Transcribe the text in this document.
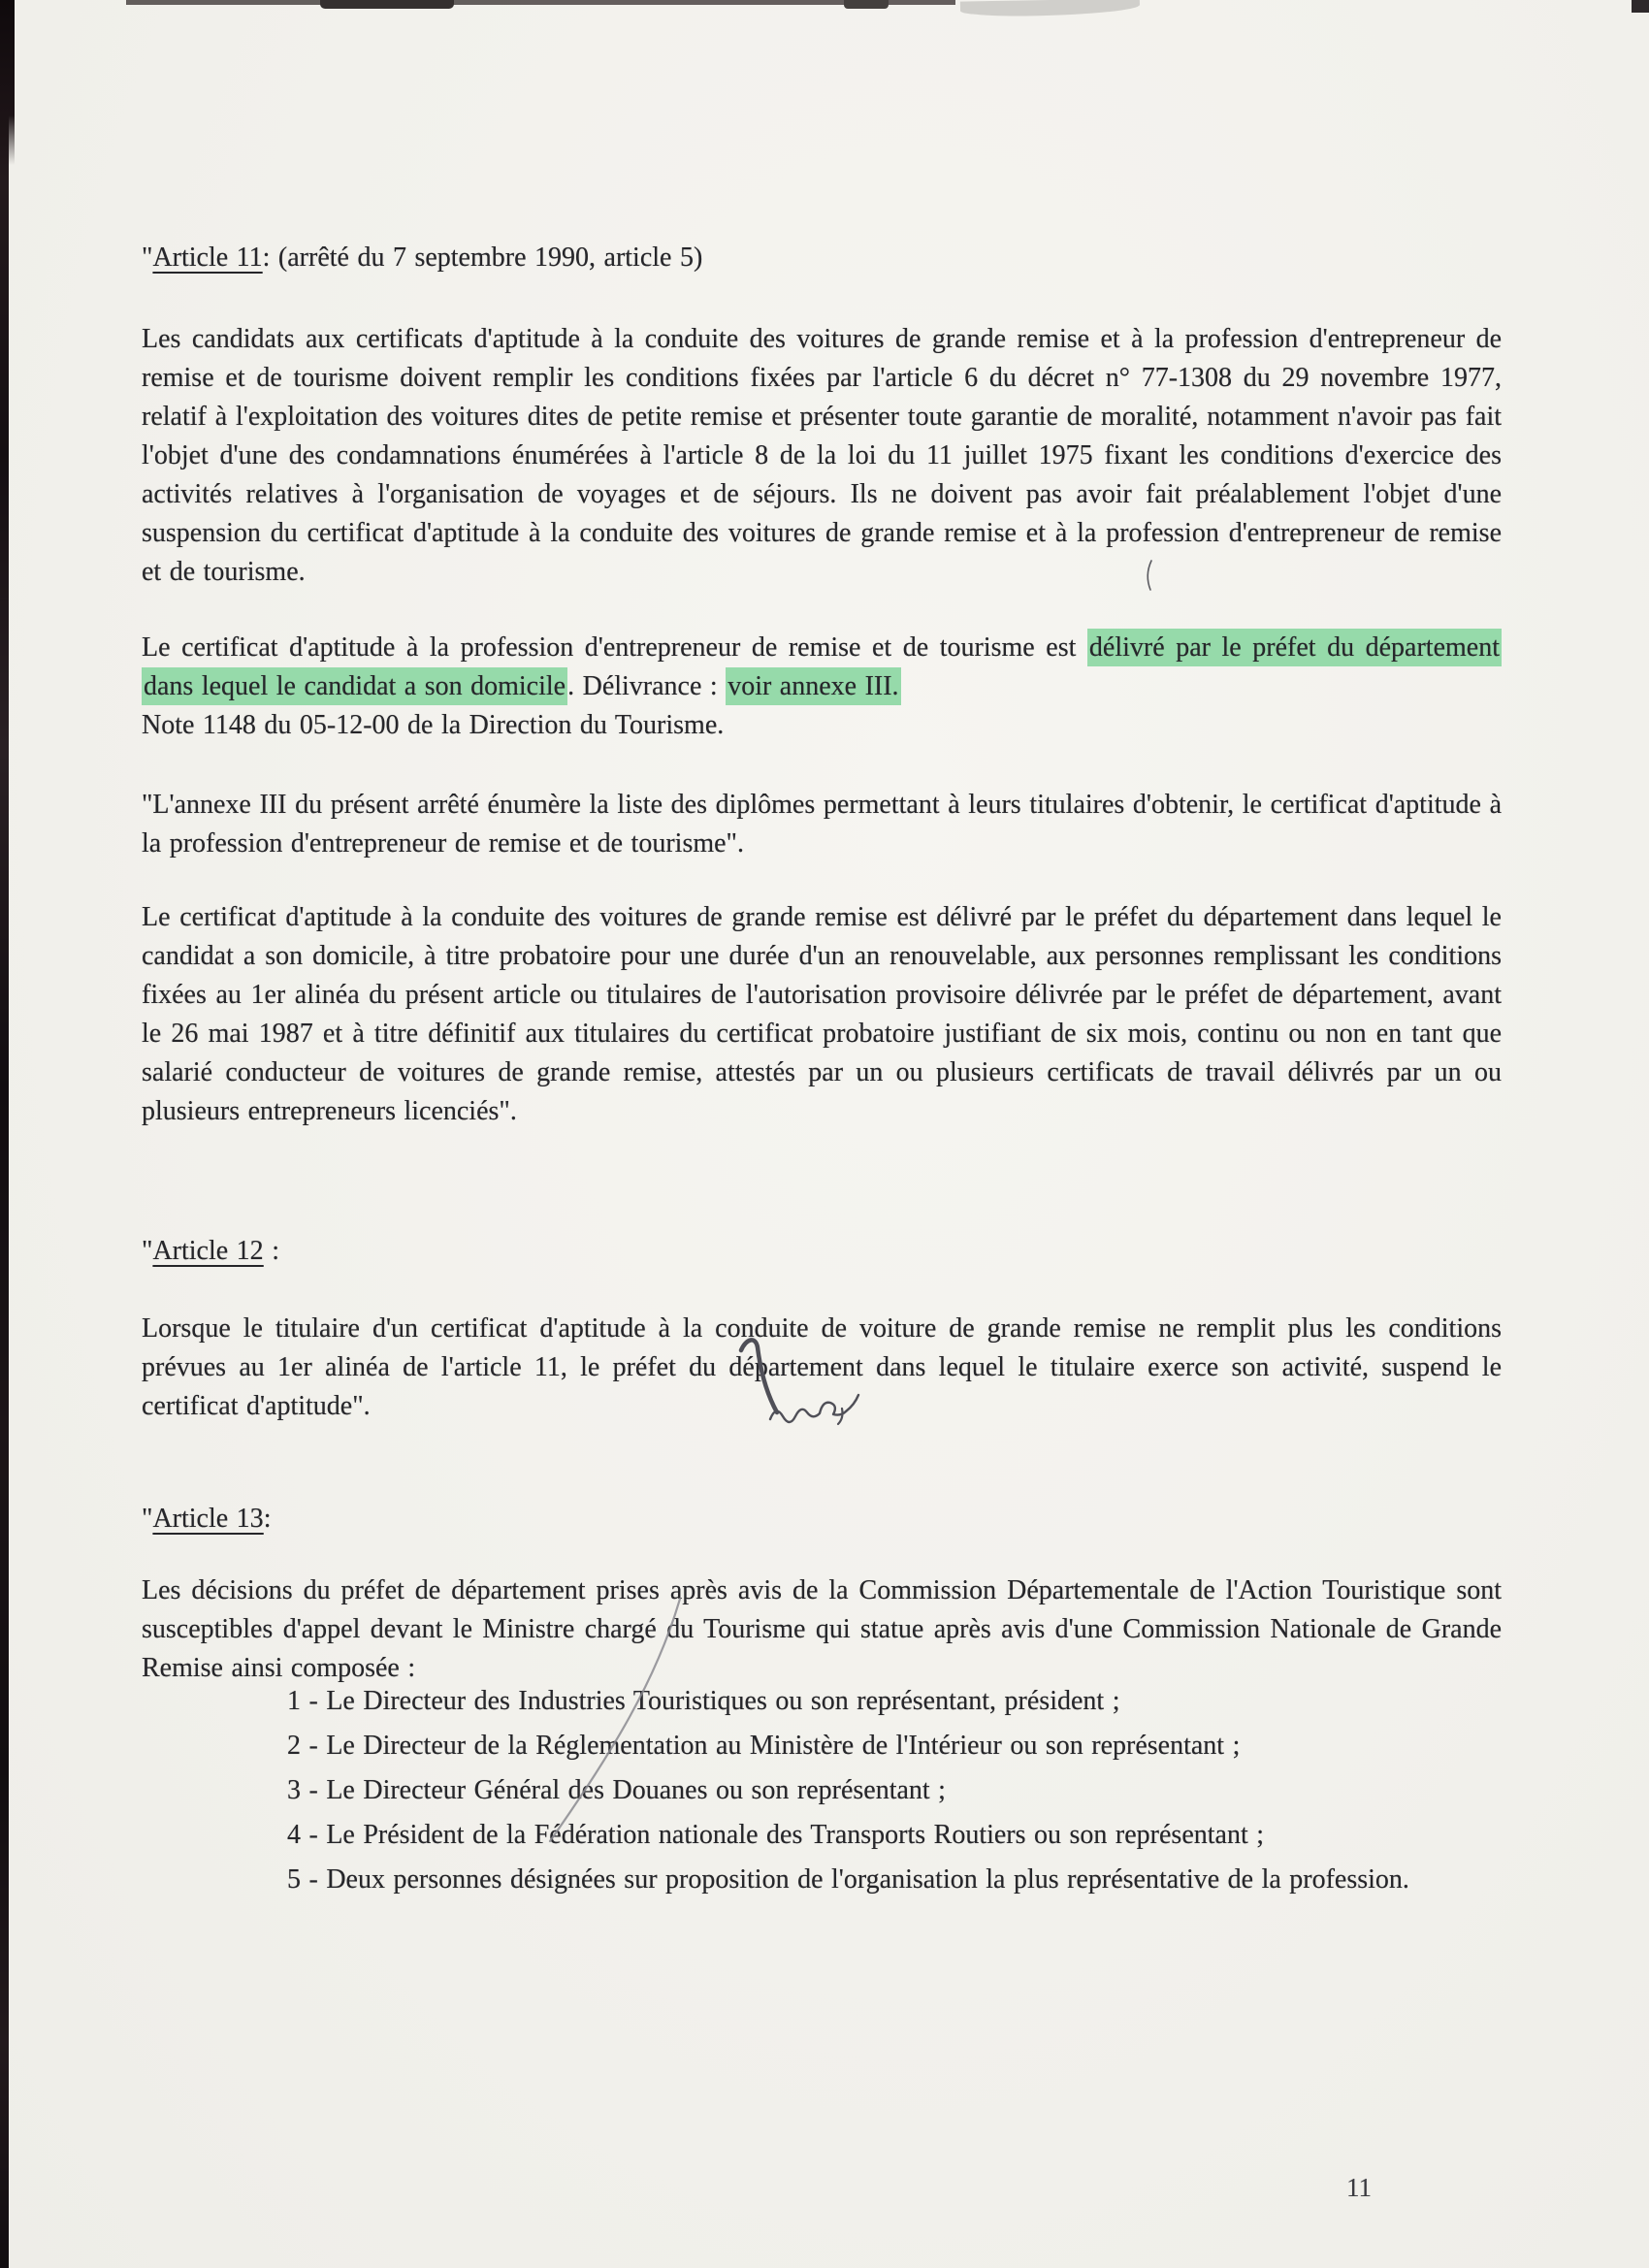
"Article 11: (arrêté du 7 septembre 1990, article 5)
Les candidats aux certificats d'aptitude à la conduite des voitures de grande remise et à la profession d'entrepreneur de remise et de tourisme doivent remplir les conditions fixées par l'article 6 du décret n° 77-1308 du 29 novembre 1977, relatif à l'exploitation des voitures dites de petite remise et présenter toute garantie de moralité, notamment n'avoir pas fait l'objet d'une des condamnations énumérées à l'article 8 de la loi du 11 juillet 1975 fixant les conditions d'exercice des activités relatives à l'organisation de voyages et de séjours. Ils ne doivent pas avoir fait préalablement l'objet d'une suspension du certificat d'aptitude à la conduite des voitures de grande remise et à la profession d'entrepreneur de remise et de tourisme.
Le certificat d'aptitude à la profession d'entrepreneur de remise et de tourisme est délivré par le préfet du département dans lequel le candidat a son domicile. Délivrance : voir annexe III.
Note 1148 du 05-12-00 de la Direction du Tourisme.
"L'annexe III du présent arrêté énumère la liste des diplômes permettant à leurs titulaires d'obtenir, le certificat d'aptitude à la profession d'entrepreneur de remise et de tourisme".
Le certificat d'aptitude à la conduite des voitures de grande remise est délivré par le préfet du département dans lequel le candidat a son domicile, à titre probatoire pour une durée d'un an renouvelable, aux personnes remplissant les conditions fixées au 1er alinéa du présent article ou titulaires de l'autorisation provisoire délivrée par le préfet de département, avant le 26 mai 1987 et à titre définitif aux titulaires du certificat probatoire justifiant de six mois, continu ou non en tant que salarié conducteur de voitures de grande remise, attestés par un ou plusieurs certificats de travail délivrés par un ou plusieurs entrepreneurs licenciés".
"Article 12 :
Lorsque le titulaire d'un certificat d'aptitude à la conduite de voiture de grande remise ne remplit plus les conditions prévues au 1er alinéa de l'article 11, le préfet du département dans lequel le titulaire exerce son activité, suspend le certificat d'aptitude".
"Article 13:
Les décisions du préfet de département prises après avis de la Commission Départementale de l'Action Touristique sont susceptibles d'appel devant le Ministre chargé du Tourisme qui statue après avis d'une Commission Nationale de Grande Remise ainsi composée :
1 - Le Directeur des Industries Touristiques ou son représentant, président ;
2 - Le Directeur de la Réglementation au Ministère de l'Intérieur ou son représentant ;
3 - Le Directeur Général des Douanes ou son représentant ;
4 - Le Président de la Fédération nationale des Transports Routiers ou son représentant ;
5 - Deux personnes désignées sur proposition de l'organisation la plus représentative de la profession.
11
